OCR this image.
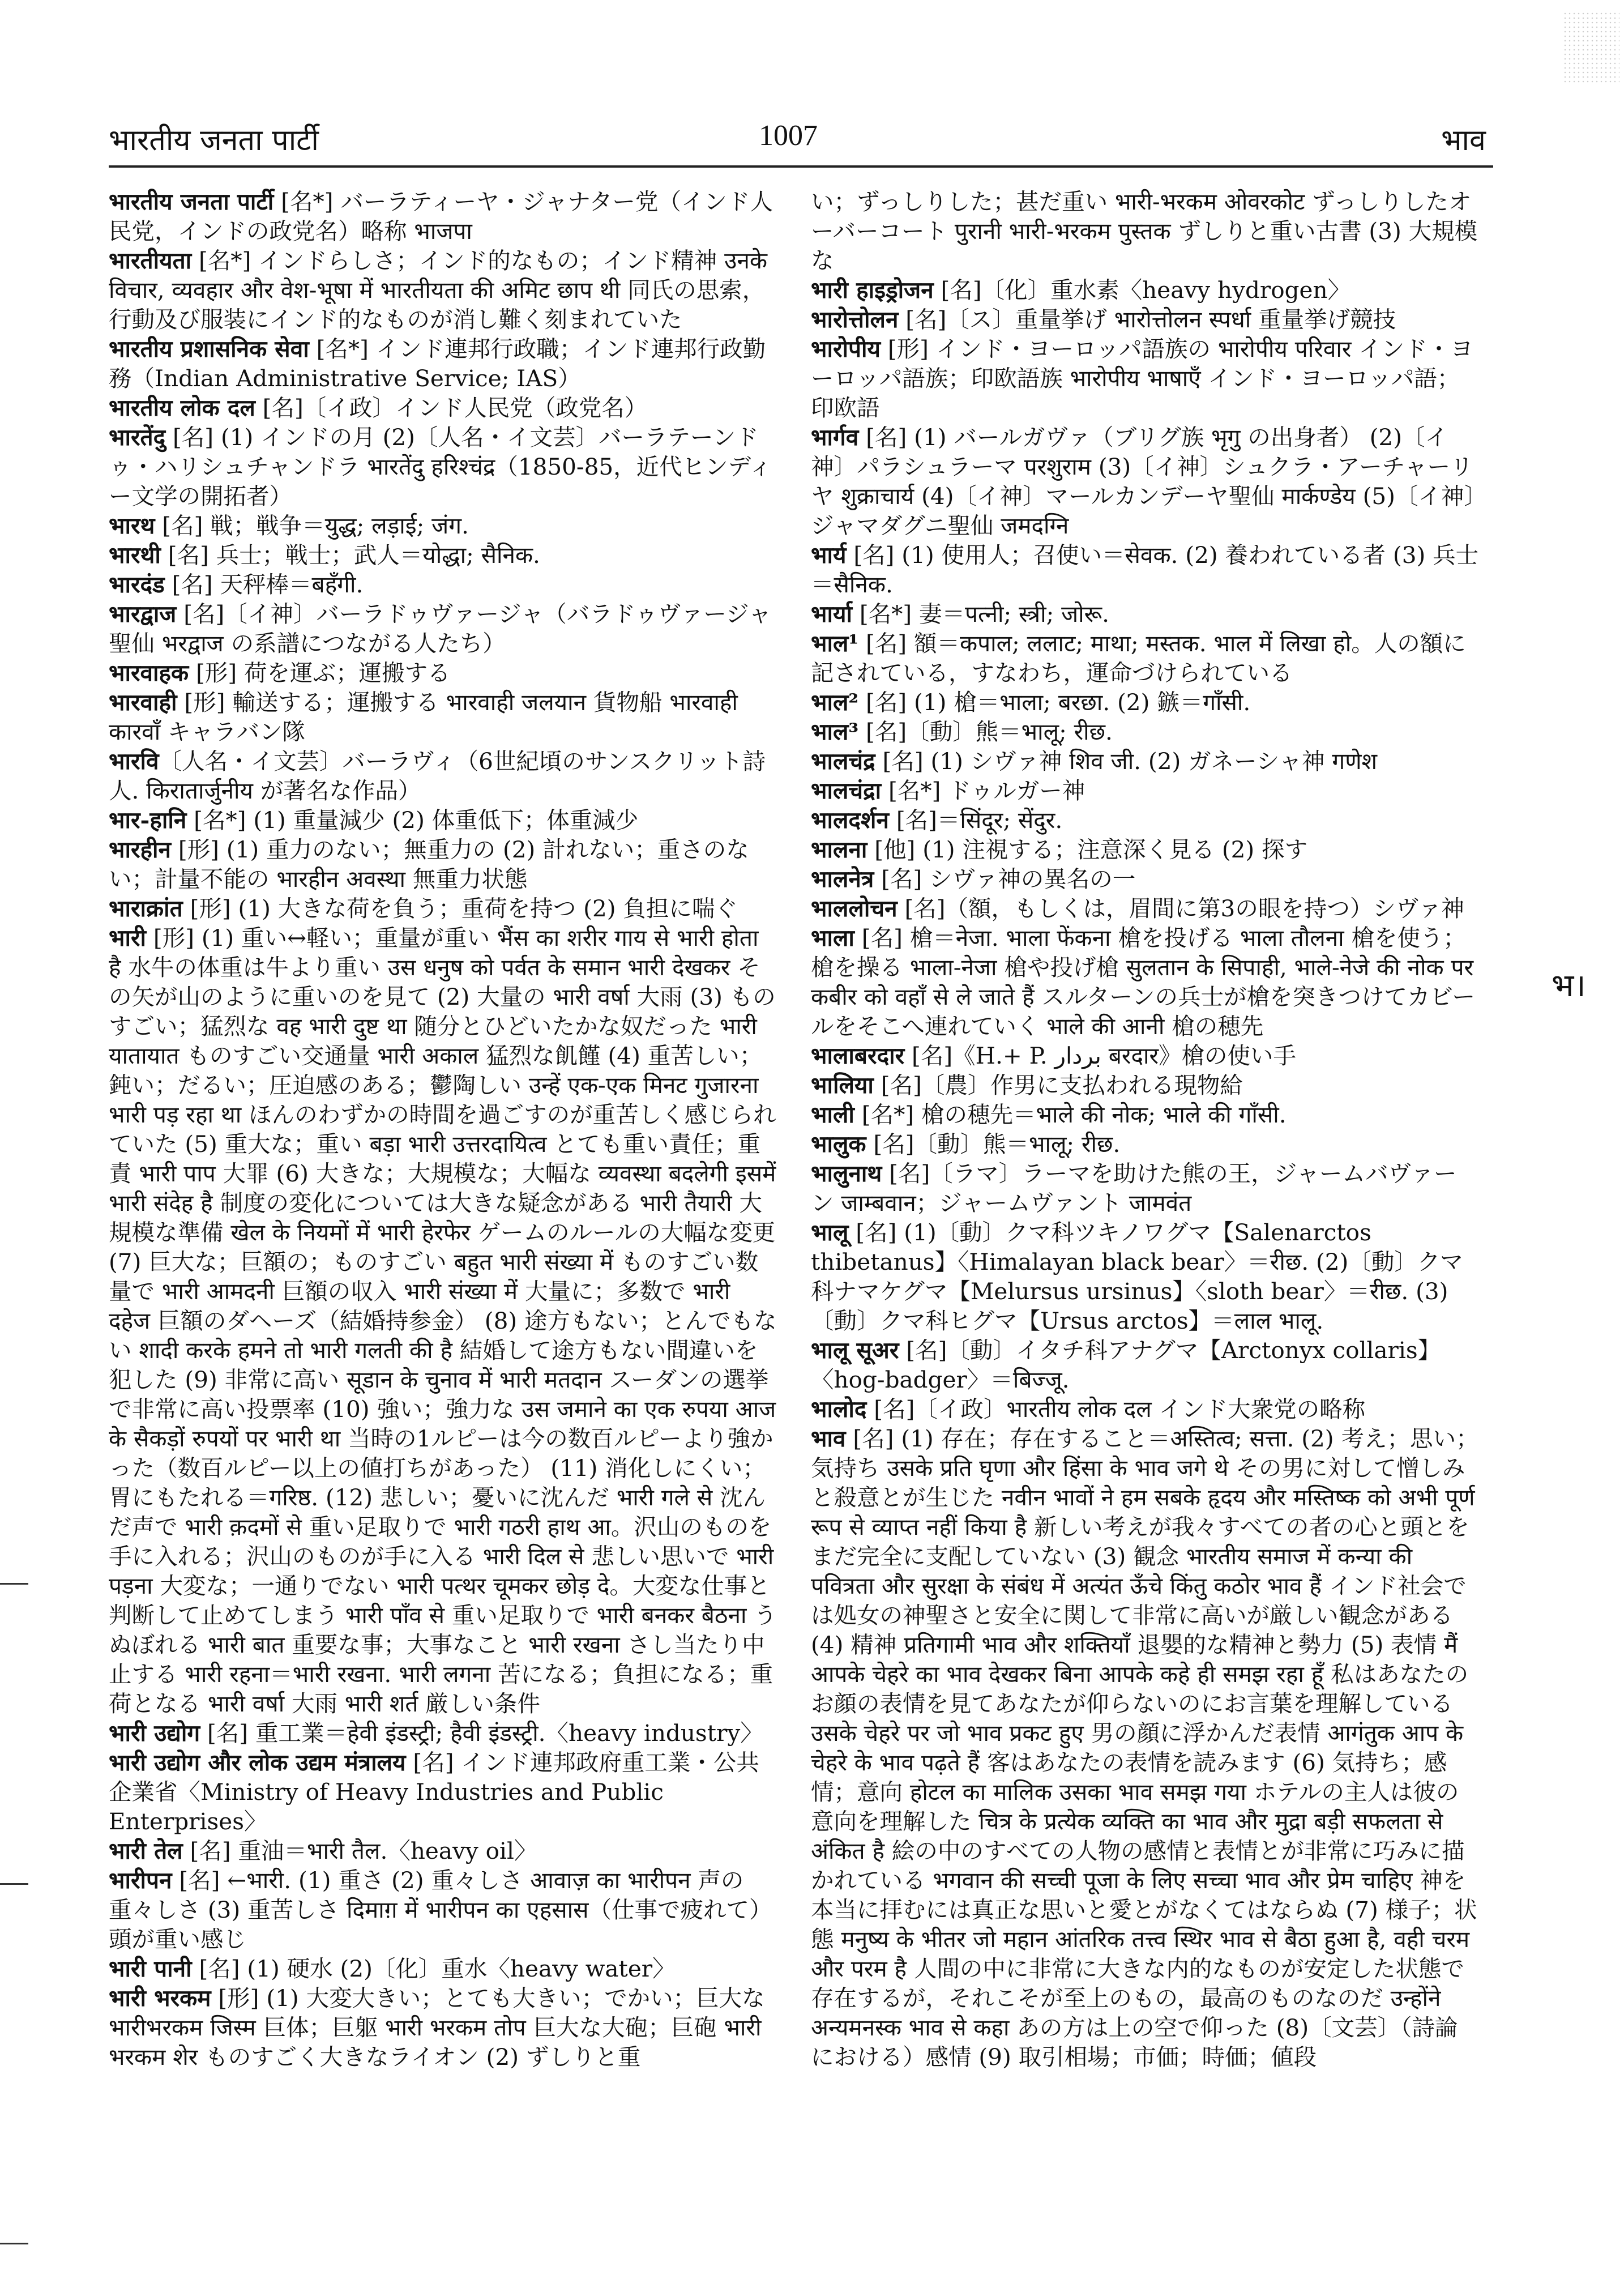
भारतीय जनता पार्टी	1007	भाव

भारतीय जनता पार्टी [名*] バーラティーヤ・ジャナター党（インド人民党，インドの政党名）略称 भाजपा

भारतीयता [名*] インドらしさ；インド的なもの；インド精神 उनके विचार, व्यवहार और वेश-भूषा में भारतीयता की अमिट छाप थी 同氏の思索，行動及び服装にインド的なものが消し難く刻まれていた

भारतीय प्रशासनिक सेवा [名*] インド連邦行政職；インド連邦行政勤務（Indian Administrative Service; IAS）

भारतीय लोक दल [名]〔イ政〕インド人民党（政党名）

भारतेंदु [名] (1) インドの月 (2)〔人名・イ文芸〕バーラテーンドゥ・ハリシュチャンドラ भारतेंदु हरिश्चंद्र（1850-85，近代ヒンディー文学の開拓者）

भारथ [名] 戦；戦争＝युद्ध; लड़ाई; जंग.

भारथी [名] 兵士；戦士；武人＝योद्धा; सैनिक.

भारदंड [名] 天秤棒＝बहँगी.

भारद्वाज [名]〔イ神〕バーラドゥヴァージャ（バラドゥヴァージャ聖仙 भरद्वाज の系譜につながる人たち）

भारवाहक [形] 荷を運ぶ；運搬する

भारवाही [形] 輸送する；運搬する भारवाही जलयान 貨物船 भारवाही कारवाँ キャラバン隊

भारवि〔人名・イ文芸〕バーラヴィ（6世紀頃のサンスクリット詩人. किरातार्जुनीय が著名な作品）

भार-हानि [名*] (1) 重量減少 (2) 体重低下；体重減少

भारहीन [形] (1) 重力のない；無重力の (2) 計れない；重さのない；計量不能の भारहीन अवस्था 無重力状態

भाराक्रांत [形] (1) 大きな荷を負う；重荷を持つ (2) 負担に喘ぐ

भारी [形] (1) 重い↔軽い；重量が重い भैंस का शरीर गाय से भारी होता है 水牛の体重は牛より重い उस धनुष को पर्वत के समान भारी देखकर その矢が山のように重いのを見て (2) 大量の भारी वर्षा 大雨 (3) ものすごい；猛烈な वह भारी दुष्ट था 随分とひどいたかな奴だった भारी यातायात ものすごい交通量 भारी अकाल 猛烈な飢饉 (4) 重苦しい；鈍い；だるい；圧迫感のある；鬱陶しい उन्हें एक-एक मिनट गुजारना भारी पड़ रहा था ほんのわずかの時間を過ごすのが重苦しく感じられていた (5) 重大な；重い बड़ा भारी उत्तरदायित्व とても重い責任；重責 भारी पाप 大罪 (6) 大きな；大規模な；大幅な व्यवस्था बदलेगी इसमें भारी संदेह है 制度の変化については大きな疑念がある भारी तैयारी 大規模な準備 खेल के नियमों में भारी हेरफेर ゲームのルールの大幅な変更 (7) 巨大な；巨額の；ものすごい बहुत भारी संख्या में ものすごい数量で भारी आमदनी 巨額の収入 भारी संख्या में 大量に；多数で भारी दहेज 巨額のダヘーズ（結婚持参金） (8) 途方もない；とんでもない शादी करके हमने तो भारी गलती की है 結婚して途方もない間違いを犯した (9) 非常に高い सूडान के चुनाव में भारी मतदान スーダンの選挙で非常に高い投票率 (10) 強い；強力な उस जमाने का एक रुपया आज के सैकड़ों रुपयों पर भारी था 当時の1ルピーは今の数百ルピーより強かった（数百ルピー以上の値打ちがあった） (11) 消化しにくい；胃にもたれる＝गरिष्ठ. (12) 悲しい；憂いに沈んだ भारी गले से 沈んだ声で भारी क़दमों से 重い足取りで भारी गठरी हाथ आ。沢山のものを手に入れる；沢山のものが手に入る भारी दिल से 悲しい思いで भारी पड़ना 大変な；一通りでない भारी पत्थर चूमकर छोड़ दे。大変な仕事と判断して止めてしまう भारी पाँव से 重い足取りで भारी बनकर बैठना うぬぼれる भारी बात 重要な事；大事なこと भारी रखना さし当たり中止する भारी रहना＝भारी रखना. भारी लगना 苦になる；負担になる；重荷となる भारी वर्षा 大雨 भारी शर्त 厳しい条件

भारी उद्योग [名] 重工業＝हेवी इंडस्ट्री; हैवी इंडस्ट्री.〈heavy industry〉

भारी उद्योग और लोक उद्यम मंत्रालय [名] インド連邦政府重工業・公共企業省〈Ministry of Heavy Industries and Public Enterprises〉

भारी तेल [名] 重油＝भारी तैल.〈heavy oil〉

भारीपन [名] ←भारी. (1) 重さ (2) 重々しさ आवाज़ का भारीपन 声の重々しさ (3) 重苦しさ दिमाग़ में भारीपन का एहसास（仕事で疲れて）頭が重い感じ

भारी पानी [名] (1) 硬水 (2)〔化〕重水〈heavy water〉

भारी भरकम [形] (1) 大変大きい；とても大きい；でかい；巨大な भारीभरकम जिस्म 巨体；巨躯 भारी भरकम तोप 巨大な大砲；巨砲 भारी भरकम शेर ものすごく大きなライオン (2) ずしりと重

い；ずっしりした；甚だ重い भारी-भरकम ओवरकोट ずっしりしたオーバーコート पुरानी भारी-भरकम पुस्तक ずしりと重い古書 (3) 大規模な

भारी हाइड्रोजन [名]〔化〕重水素〈heavy hydrogen〉

भारोत्तोलन [名]〔ス〕重量挙げ भारोत्तोलन स्पर्धा 重量挙げ競技

भारोपीय [形] インド・ヨーロッパ語族の भारोपीय परिवार インド・ヨーロッパ語族；印欧語族 भारोपीय भाषाएँ インド・ヨーロッパ語；印欧語

भार्गव [名] (1) バールガヴァ（ブリグ族 भृगु の出身者） (2)〔イ神〕パラシュラーマ परशुराम (3)〔イ神〕シュクラ・アーチャーリヤ शुक्राचार्य (4)〔イ神〕マールカンデーヤ聖仙 मार्कण्डेय (5)〔イ神〕ジャマダグニ聖仙 जमदग्नि

भार्य [名] (1) 使用人；召使い＝सेवक. (2) 養われている者 (3) 兵士＝सैनिक.

भार्या [名*] 妻＝पत्नी; स्त्री; जोरू.

भाल¹ [名] 額＝कपाल; ललाट; माथा; मस्तक. भाल में लिखा हो。人の額に記されている，すなわち，運命づけられている

भाल² [名] (1) 槍＝भाला; बरछा. (2) 鏃＝गाँसी.

भाल³ [名]〔動〕熊＝भालू; रीछ.

भालचंद्र [名] (1) シヴァ神 शिव जी. (2) ガネーシャ神 गणेश

भालचंद्रा [名*] ドゥルガー神

भालदर्शन [名]＝सिंदूर; सेंदुर.

भालना [他] (1) 注視する；注意深く見る (2) 探す

भालनेत्र [名] シヴァ神の異名の一

भाललोचन [名]（額，もしくは，眉間に第3の眼を持つ）シヴァ神

भाला [名] 槍＝नेजा. भाला फेंकना 槍を投げる भाला तौलना 槍を使う；槍を操る भाला-नेजा 槍や投げ槍 सुलतान के सिपाही, भाले-नेजे की नोक पर कबीर को वहाँ से ले जाते हैं スルターンの兵士が槍を突きつけてカビールをそこへ連れていく भाले की आनी 槍の穂先

भालाबरदार [名]《H.+ P. بردار बरदार》槍の使い手

भालिया [名]〔農〕作男に支払われる現物給

भाली [名*] 槍の穂先＝भाले की नोक; भाले की गाँसी.

भालुक [名]〔動〕熊＝भालू; रीछ.

भालुनाथ [名]〔ラマ〕ラーマを助けた熊の王，ジャームバヴァーン जाम्बवान；ジャームヴァント जामवंत

भालू [名] (1)〔動〕クマ科ツキノワグマ【Salenarctos thibetanus】〈Himalayan black bear〉＝रीछ. (2)〔動〕クマ科ナマケグマ【Melursus ursinus】〈sloth bear〉＝रीछ. (3)〔動〕クマ科ヒグマ【Ursus arctos】＝लाल भालू.

भालू सूअर [名]〔動〕イタチ科アナグマ【Arctonyx collaris】〈hog-badger〉＝बिज्जू.

भालोद [名]〔イ政〕भारतीय लोक दल インド大衆党の略称

भाव [名] (1) 存在；存在すること＝अस्तित्व; सत्ता. (2) 考え；思い；気持ち उसके प्रति घृणा और हिंसा के भाव जगे थे その男に対して憎しみと殺意とが生じた नवीन भावों ने हम सबके हृदय और मस्तिष्क को अभी पूर्ण रूप से व्याप्त नहीं किया है 新しい考えが我々すべての者の心と頭とをまだ完全に支配していない (3) 観念 भारतीय समाज में कन्या की पवित्रता और सुरक्षा के संबंध में अत्यंत ऊँचे किंतु कठोर भाव हैं インド社会では処女の神聖さと安全に関して非常に高いが厳しい観念がある (4) 精神 प्रतिगामी भाव और शक्तियाँ 退嬰的な精神と勢力 (5) 表情 मैं आपके चेहरे का भाव देखकर बिना आपके कहे ही समझ रहा हूँ 私はあなたのお顔の表情を見てあなたが仰らないのにお言葉を理解している उसके चेहरे पर जो भाव प्रकट हुए 男の顔に浮かんだ表情 आगंतुक आप के चेहरे के भाव पढ़ते हैं 客はあなたの表情を読みます (6) 気持ち；感情；意向 होटल का मालिक उसका भाव समझ गया ホテルの主人は彼の意向を理解した चित्र के प्रत्येक व्यक्ति का भाव और मुद्रा बड़ी सफलता से अंकित है 絵の中のすべての人物の感情と表情とが非常に巧みに描かれている भगवान की सच्ची पूजा के लिए सच्चा भाव और प्रेम चाहिए 神を本当に拝むには真正な思いと愛とがなくてはならぬ (7) 様子；状態 मनुष्य के भीतर जो महान आंतरिक तत्त्व स्थिर भाव से बैठा हुआ है, वही चरम और परम है 人間の中に非常に大きな内的なものが安定した状態で存在するが，それこそが至上のもの，最高のものなのだ उन्होंने अन्यमनस्क भाव से कहा あの方は上の空で仰った (8)〔文芸〕（詩論における）感情 (9) 取引相場；市価；時価；値段

भ।
